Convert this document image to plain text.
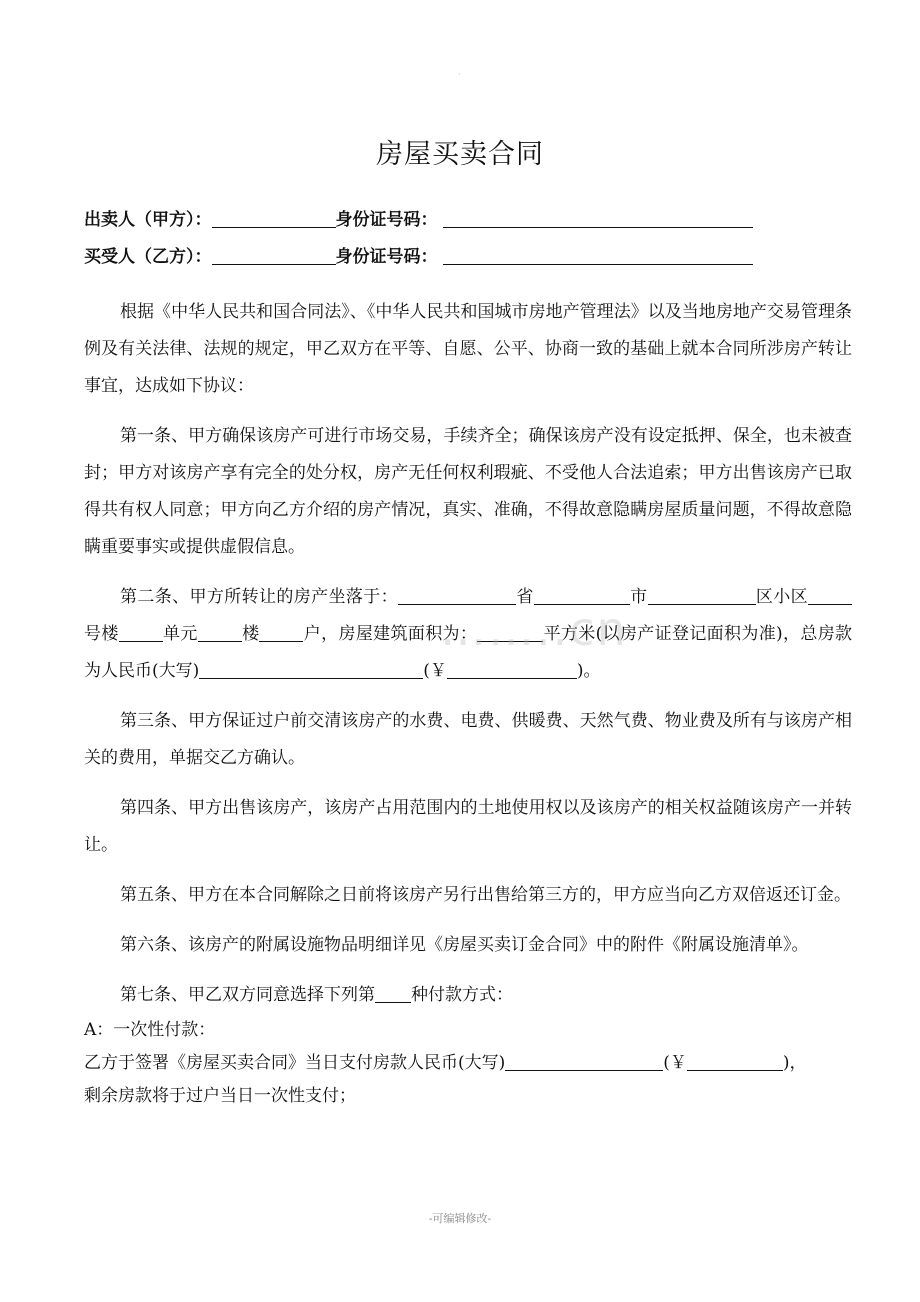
·
房屋买卖合同
出卖人（甲方）：	身份证号码：
买受人（乙方）：	身份证号码：

根据《中华人民共和国合同法》、《中华人民共和国城市房地产管理法》以及当地房地产交易管理条例及有关法律、法规的规定，甲乙双方在平等、自愿、公平、协商一致的基础上就本合同所涉房产转让事宜，达成如下协议：

第一条、甲方确保该房产可进行市场交易，手续齐全；确保该房产没有设定抵押、保全，也未被查封；甲方对该房产享有完全的处分权，房产无任何权利瑕疵、不受他人合法追索；甲方出售该房产已取得共有权人同意；甲方向乙方介绍的房产情况，真实、准确，不得故意隐瞒房屋质量问题，不得故意隐瞒重要事实或提供虚假信息。

第二条、甲方所转让的房产坐落于：	省	市	区小区号楼	单元	楼	户，房屋建筑面积为：	平方米(以房产证登记面积为准)，总房款为人民币(大写)	(￥	)。

第三条、甲方保证过户前交清该房产的水费、电费、供暖费、天然气费、物业费及所有与该房产相关的费用，单据交乙方确认。

第四条、甲方出售该房产，该房产占用范围内的土地使用权以及该房产的相关权益随该房产一并转让。

第五条、甲方在本合同解除之日前将该房产另行出售给第三方的，甲方应当向乙方双倍返还订金。

第六条、该房产的附属设施物品明细详见《房屋买卖订金合同》中的附件《附属设施清单》。

第七条、甲乙双方同意选择下列第 种付款方式：

A：一次性付款：

乙方于签署《房屋买卖合同》当日支付房款人民币(大写)	(￥	)，

剩余房款将于过户当日一次性支付；

……..cn
-可编辑修改-
